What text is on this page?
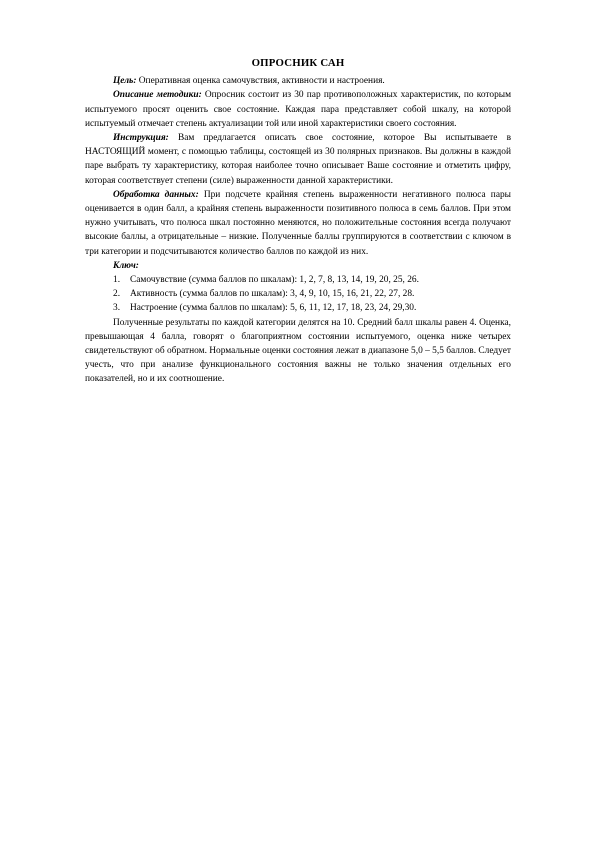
ОПРОСНИК САН

Цель: Оперативная оценка самочувствия, активности и настроения.

Описание методики: Опросник состоит из 30 пар противоположных характеристик, по которым испытуемого просят оценить свое состояние. Каждая пара представляет собой шкалу, на которой испытуемый отмечает степень актуализации той или иной характеристики своего состояния.

Инструкция: Вам предлагается описать свое состояние, которое Вы испытываете в НАСТОЯЩИЙ момент, с помощью таблицы, состоящей из 30 полярных признаков. Вы должны в каждой паре выбрать ту характеристику, которая наиболее точно описывает Ваше состояние и отметить цифру, которая соответствует степени (силе) выраженности данной характеристики.

Обработка данных: При подсчете крайняя степень выраженности негативного полюса пары оценивается в один балл, а крайняя степень выраженности позитивного полюса в семь баллов. При этом нужно учитывать, что полюса шкал постоянно меняются, но положительные состояния всегда получают высокие баллы, а отрицательные – низкие. Полученные баллы группируются в соответствии с ключом в три категории и подсчитываются количество баллов по каждой из них.

Ключ:

1.	Самочувствие (сумма баллов по шкалам): 1, 2, 7, 8, 13, 14, 19, 20, 25, 26.
2.	Активность (сумма баллов по шкалам): 3, 4, 9, 10, 15, 16, 21, 22, 27, 28.
3.	Настроение (сумма баллов по шкалам): 5, 6, 11, 12, 17, 18, 23, 24, 29,30.

Полученные результаты по каждой категории делятся на 10. Средний балл шкалы равен 4. Оценка, превышающая 4 балла, говорят о благоприятном состоянии испытуемого, оценка ниже четырех свидетельствуют об обратном. Нормальные оценки состояния лежат в диапазоне 5,0 – 5,5 баллов. Следует учесть, что при анализе функционального состояния важны не только значения отдельных его показателей, но и их соотношение.
